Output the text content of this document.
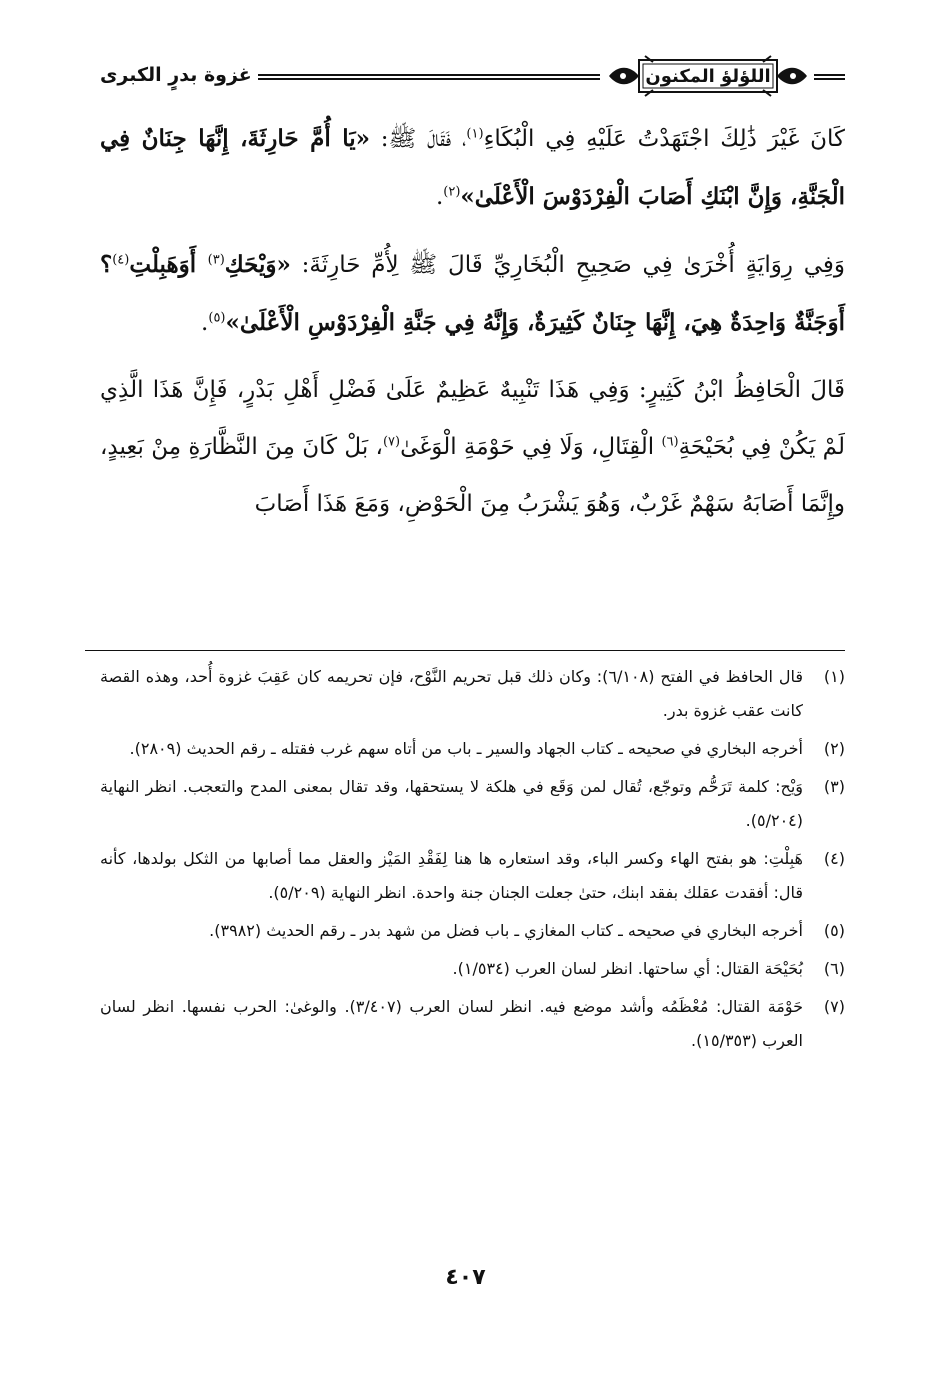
غزوة بدرٍ الكبرى	اللؤلؤ المكنون

كَانَ غَيْرَ ذَٰلِكَ اجْتَهَدْتُ عَلَيْهِ فِي الْبُكَاءِ$^{(١)}$، فَقَالَ ﷺ: «يَا أُمَّ حَارِثَةَ، إِنَّهَا جِنَانٌ فِي الْجَنَّةِ، وَإِنَّ ابْنَكِ أَصَابَ الْفِرْدَوْسَ الْأَعْلَىٰ»$^{(٢)}$.

وَفِي رِوَايَةٍ أُخْرَىٰ فِي صَحِيحِ الْبُخَارِيِّ قَالَ ﷺ لِأُمِّ حَارِثَةَ: «وَيْحَكِ$^{(٣)}$ أَوَهَبِلْتِ$^{(٤)}$؟ أَوَجَنَّةٌ وَاحِدَةٌ هِيَ، إِنَّهَا جِنَانٌ كَثِيرَةٌ، وَإِنَّهُ فِي جَنَّةِ الْفِرْدَوْسِ الْأَعْلَىٰ»$^{(٥)}$.

قَالَ الْحَافِظُ ابْنُ كَثِيرٍ: وَفِي هَذَا تَنْبِيهٌ عَظِيمٌ عَلَىٰ فَضْلِ أَهْلِ بَدْرٍ، فَإِنَّ هَذَا الَّذِي لَمْ يَكُنْ فِي بُحَيْحَةِ$^{(٦)}$ الْقِتَالِ، وَلَا فِي حَوْمَةِ الْوَغَىٰ$^{(٧)}$، بَلْ كَانَ مِنَ النَّظَّارَةِ مِنْ بَعِيدٍ، وإِنَّمَا أَصَابَهُ سَهْمٌ غَرْبٌ، وَهُوَ يَشْرَبُ مِنَ الْحَوْضِ، وَمَعَ هَذَا أَصَابَ

(١)
قال الحافظ في الفتح (٦/١٠٨): وكان ذلك قبل تحريم النَّوْح، فإن تحريمه كان عَقِبَ غزوة أُحد، وهذه القصة كانت عقب غزوة بدر.
(٢)
أخرجه البخاري في صحيحه ـ كتاب الجهاد والسير ـ باب من أتاه سهم غرب فقتله ـ رقم الحديث (٢٨٠٩).
(٣)
وَيْح: كلمة تَرَحُّم وتوجّع، تُقال لمن وَقَع في هلكة لا يستحقها، وقد تقال بمعنى المدح والتعجب. انظر النهاية (٥/٢٠٤).
(٤)
هَبِلْتِ: هو بفتح الهاء وكسر الباء، وقد استعاره ها هنا لِفَقْدِ المَيْز والعقل مما أصابها من الثكل بولدها، كأنه قال: أفقدت عقلك بفقد ابنك، حتىٰ جعلت الجنان جنة واحدة. انظر النهاية (٥/٢٠٩).
(٥)
أخرجه البخاري في صحيحه ـ كتاب المغازي ـ باب فضل من شهد بدر ـ رقم الحديث (٣٩٨٢).
(٦)
بُحَيْحَة القتال: أي ساحتها. انظر لسان العرب (١/٥٣٤).
(٧)
حَوْمَة القتال: مُعْظَمُه وأشد موضع فيه. انظر لسان العرب (٣/٤٠٧). والوغىٰ: الحرب نفسها. انظر لسان العرب (١٥/٣٥٣).
٤٠٧
